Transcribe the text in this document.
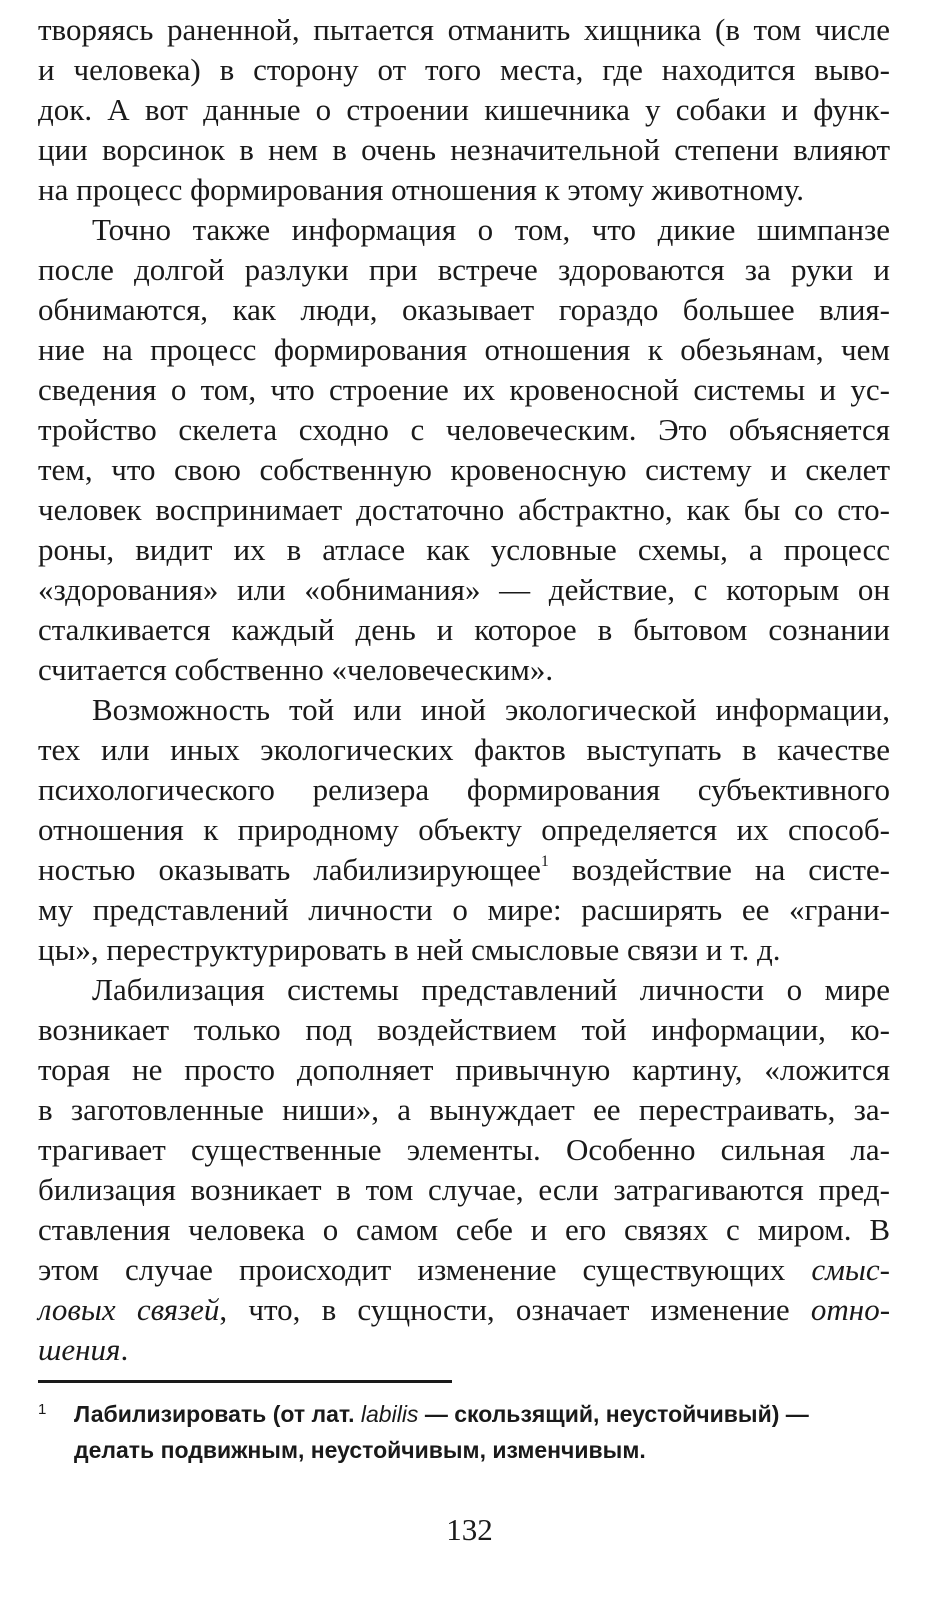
творяясь раненной, пытается отманить хищника (в том числе
и человека) в сторону от того места, где находится выво-
док. А вот данные о строении кишечника у собаки и функ-
ции ворсинок в нем в очень незначительной степени влияют
на процесс формирования отношения к этому животному.

Точно также информация о том, что дикие шимпанзе
после долгой разлуки при встрече здороваются за руки и
обнимаются, как люди, оказывает гораздо большее влия-
ние на процесс формирования отношения к обезьянам, чем
сведения о том, что строение их кровеносной системы и ус-
тройство скелета сходно с человеческим. Это объясняется
тем, что свою собственную кровеносную систему и скелет
человек воспринимает достаточно абстрактно, как бы со сто-
роны, видит их в атласе как условные схемы, а процесс
«здорования» или «обнимания» — действие, с которым он
сталкивается каждый день и которое в бытовом сознании
считается собственно «человеческим».

Возможность той или иной экологической информации,
тех или иных экологических фактов выступать в качестве
психологического релизера формирования субъективного
отношения к природному объекту определяется их способ-
ностью оказывать лабилизирующее$^1$ воздействие на систе-
му представлений личности о мире: расширять ее «грани-
цы», переструктурировать в ней смысловые связи и т. д.

Лабилизация системы представлений личности о мире
возникает только под воздействием той информации, ко-
торая не просто дополняет привычную картину, «ложится
в заготовленные ниши», а вынуждает ее перестраивать, за-
трагивает существенные элементы. Особенно сильная ла-
билизация возникает в том случае, если затрагиваются пред-
ставления человека о самом себе и его связях с миром. В
этом случае происходит изменение существующих смыс-
ловых связей, что, в сущности, означает изменение отно-
шения.

1 Лабилизировать (от лат. labilis — скользящий, неустойчивый) —
делать подвижным, неустойчивым, изменчивым.
132
